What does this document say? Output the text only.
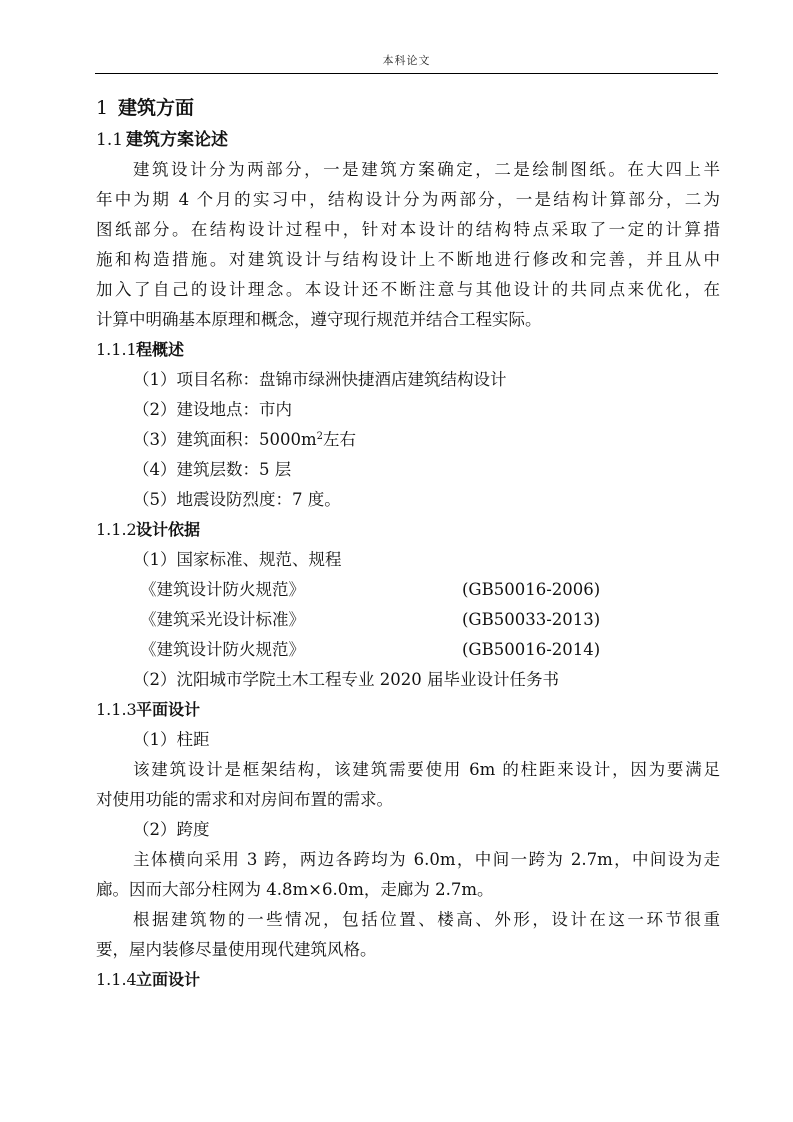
本科论文
1 建筑方面
1.1 建筑方案论述
建筑设计分为两部分，一是建筑方案确定，二是绘制图纸。在大四上半
年中为期 4 个月的实习中，结构设计分为两部分，一是结构计算部分，二为
图纸部分。在结构设计过程中，针对本设计的结构特点采取了一定的计算措
施和构造措施。对建筑设计与结构设计上不断地进行修改和完善，并且从中
加入了自己的设计理念。本设计还不断注意与其他设计的共同点来优化，在
计算中明确基本原理和概念，遵守现行规范并结合工程实际。
1.1.1程概述
（1）项目名称：盘锦市绿洲快捷酒店建筑结构设计
（2）建设地点：市内
（3）建筑面积：$5000m^2$左右
（4）建筑层数：5 层
（5）地震设防烈度：7 度。
1.1.2设计依据
（1）国家标准、规范、规程
《建筑设计防火规范》	(GB50016-2006)
《建筑采光设计标准》	(GB50033-2013)
《建筑设计防火规范》	(GB50016-2014)
（2）沈阳城市学院土木工程专业 2020 届毕业设计任务书
1.1.3平面设计
（1）柱距
该建筑设计是框架结构，该建筑需要使用 6m 的柱距来设计，因为要满足
对使用功能的需求和对房间布置的需求。
（2）跨度
主体横向采用 3 跨，两边各跨均为 6.0m，中间一跨为 2.7m，中间设为走
廊。因而大部分柱网为 4.8m×6.0m，走廊为 2.7m。
根据建筑物的一些情况，包括位置、楼高、外形，设计在这一环节很重
要，屋内装修尽量使用现代建筑风格。
1.1.4立面设计
